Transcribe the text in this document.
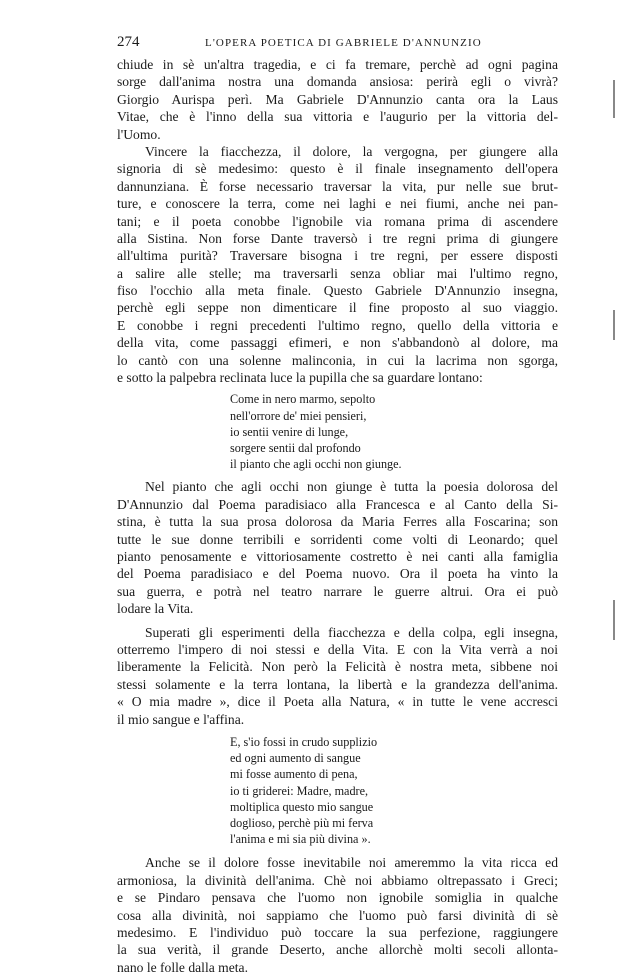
274	L'OPERA POETICA DI GABRIELE D'ANNUNZIO
chiude in sè un'altra tragedia, e ci fa tremare, perchè ad ogni pagina
sorge dall'anima nostra una domanda ansiosa: perirà egli o vivrà?
Giorgio Aurispa perì. Ma Gabriele D'Annunzio canta ora la Laus
Vitae, che è l'inno della sua vittoria e l'augurio per la vittoria del-
l'Uomo.
Vincere la fiacchezza, il dolore, la vergogna, per giungere alla
signoria di sè medesimo: questo è il finale insegnamento dell'opera
dannunziana. È forse necessario traversar la vita, pur nelle sue brut-
ture, e conoscere la terra, come nei laghi e nei fiumi, anche nei pan-
tani; e il poeta conobbe l'ignobile via romana prima di ascendere
alla Sistina. Non forse Dante traversò i tre regni prima di giungere
all'ultima purità? Traversare bisogna i tre regni, per essere disposti
a salire alle stelle; ma traversarli senza obliar mai l'ultimo regno,
fiso l'occhio alla meta finale. Questo Gabriele D'Annunzio insegna,
perchè egli seppe non dimenticare il fine proposto al suo viaggio.
E conobbe i regni precedenti l'ultimo regno, quello della vittoria e
della vita, come passaggi efimeri, e non s'abbandonò al dolore, ma
lo cantò con una solenne malinconia, in cui la lacrima non sgorga,
e sotto la palpebra reclinata luce la pupilla che sa guardare lontano:
Come in nero marmo, sepolto
nell'orrore de' miei pensieri,
io sentii venire di lunge,
sorgere sentii dal profondo
il pianto che agli occhi non giunge.
Nel pianto che agli occhi non giunge è tutta la poesia dolorosa del
D'Annunzio dal Poema paradisiaco alla Francesca e al Canto della Si-
stina, è tutta la sua prosa dolorosa da Maria Ferres alla Foscarina; son
tutte le sue donne terribili e sorridenti come volti di Leonardo; quel
pianto penosamente e vittoriosamente costretto è nei canti alla famiglia
del Poema paradisiaco e del Poema nuovo. Ora il poeta ha vinto la
sua guerra, e potrà nel teatro narrare le guerre altrui. Ora ei può
lodare la Vita.
Superati gli esperimenti della fiacchezza e della colpa, egli insegna,
otterremo l'impero di noi stessi e della Vita. E con la Vita verrà a noi
liberamente la Felicità. Non però la Felicità è nostra meta, sibbene noi
stessi solamente e la terra lontana, la libertà e la grandezza dell'anima.
« O mia madre », dice il Poeta alla Natura, « in tutte le vene accresci
il mio sangue e l'affina.
E, s'io fossi in crudo supplizio
ed ogni aumento di sangue
mi fosse aumento di pena,
io ti griderei: Madre, madre,
moltiplica questo mio sangue
doglioso, perchè più mi ferva
l'anima e mi sia più divina ».
Anche se il dolore fosse inevitabile noi ameremmo la vita ricca ed
armoniosa, la divinità dell'anima. Chè noi abbiamo oltrepassato i Greci;
e se Pindaro pensava che l'uomo non ignobile somiglia in qualche
cosa alla divinità, noi sappiamo che l'uomo può farsi divinità di sè
medesimo. E l'individuo può toccare la sua perfezione, raggiungere
la sua verità, il grande Deserto, anche allorchè molti secoli allonta-
nano le folle dalla meta.
